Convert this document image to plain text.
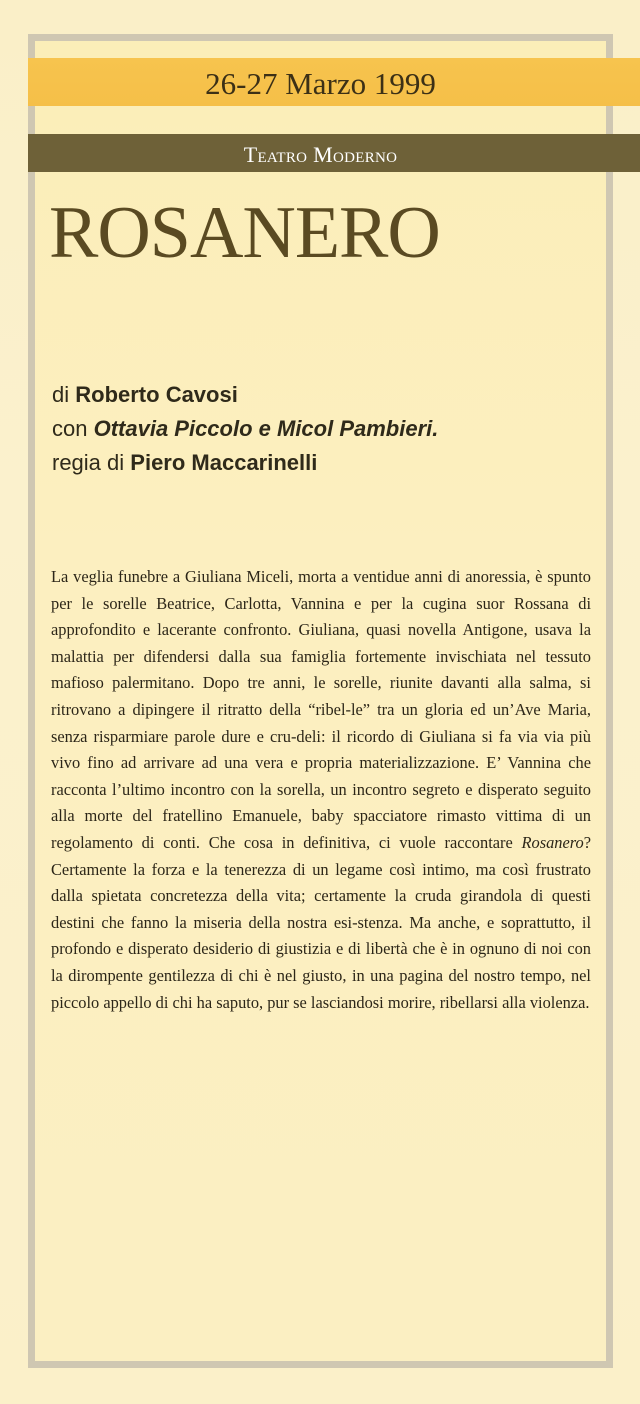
26-27 Marzo 1999
Teatro Moderno
ROSANERO
di Roberto Cavosi
con Ottavia Piccolo e Micol Pambieri.
regia di Piero Maccarinelli
La veglia funebre a Giuliana Miceli, morta a ventidue anni di anoressia, è spunto per le sorelle Beatrice, Carlotta, Vannina e per la cugina suor Rossana di approfondito e lacerante confronto. Giuliana, quasi novella Antigone, usava la malattia per difendersi dalla sua famiglia fortemente invischiata nel tessuto mafioso palermitano. Dopo tre anni, le sorelle, riunite davanti alla salma, si ritrovano a dipingere il ritratto della “ribel-le” tra un gloria ed un’Ave Maria, senza risparmiare parole dure e cru-deli: il ricordo di Giuliana si fa via via più vivo fino ad arrivare ad una vera e propria materializzazione. E’ Vannina che racconta l’ultimo incontro con la sorella, un incontro segreto e disperato seguito alla morte del fratellino Emanuele, baby spacciatore rimasto vittima di un regolamento di conti. Che cosa in definitiva, ci vuole raccontare Rosanero? Certamente la forza e la tenerezza di un legame così intimo, ma così frustrato dalla spietata concretezza della vita; certamente la cruda girandola di questi destini che fanno la miseria della nostra esi-stenza. Ma anche, e soprattutto, il profondo e disperato desiderio di giustizia e di libertà che è in ognuno di noi con la dirompente gentilezza di chi è nel giusto, in una pagina del nostro tempo, nel piccolo appello di chi ha saputo, pur se lasciandosi morire, ribellarsi alla violenza.
